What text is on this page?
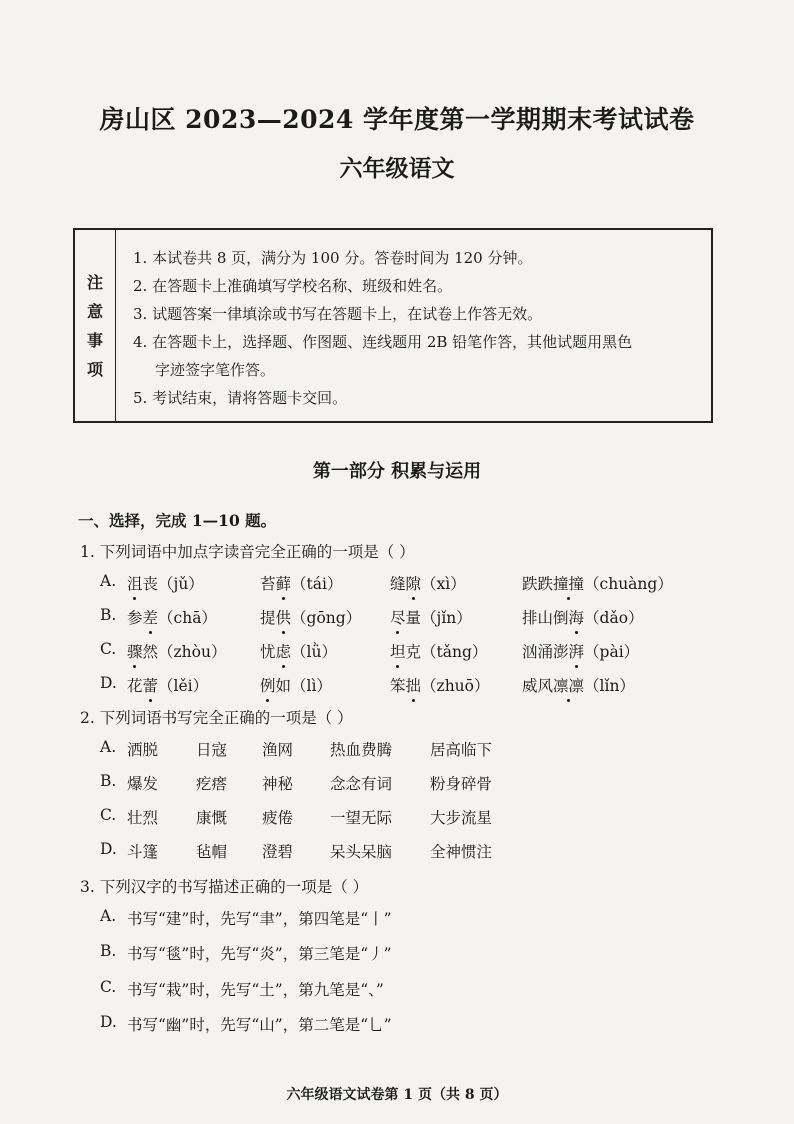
房山区 2023—2024 学年度第一学期期末考试试卷
六年级语文
注
意
事
项
1. 本试卷共 8 页，满分为 100 分。答卷时间为 120 分钟。
2. 在答题卡上准确填写学校名称、班级和姓名。
3. 试题答案一律填涂或书写在答题卡上，在试卷上作答无效。
4. 在答题卡上，选择题、作图题、连线题用 2B 铅笔作答，其他试题用黑色
字迹签字笔作答。
5. 考试结束，请将答题卡交回。
第一部分 积累与运用
一、选择，完成 1—10 题。
1. 下列词语中加点字读音完全正确的一项是（ ）
A. 沮丧（jǔ）	苔藓（tái）	缝隙（xì）	跌跌撞撞（chuàng）
B. 参差（chā）	提供（gōng） 尽量（jǐn）	排山倒海（dǎo）
C. 骤然（zhòu） 忧虑（lǜ）	坦克（tǎng） 汹涌澎湃（pài）
D. 花蕾（lěi）	例如（lì）	笨拙（zhuō） 威风凛凛（lǐn）
2. 下列词语书写完全正确的一项是（ ）
A. 洒脱 日寇 渔网 热血费腾 居高临下
B. 爆发 疙瘩 神秘 念念有词 粉身碎骨
C. 壮烈 康慨 疲倦 一望无际 大步流星
D. 斗篷 毡帽 澄碧 呆头呆脑 全神惯注
3. 下列汉字的书写描述正确的一项是（ ）
A. 书写“建”时，先写“聿”，第四笔是“丨”
B. 书写“毯”时，先写“炎”，第三笔是“丿”
C. 书写“栽”时，先写“土”，第九笔是“、”
D. 书写“幽”时，先写“山”，第二笔是“乚”
六年级语文试卷第 1 页（共 8 页）
